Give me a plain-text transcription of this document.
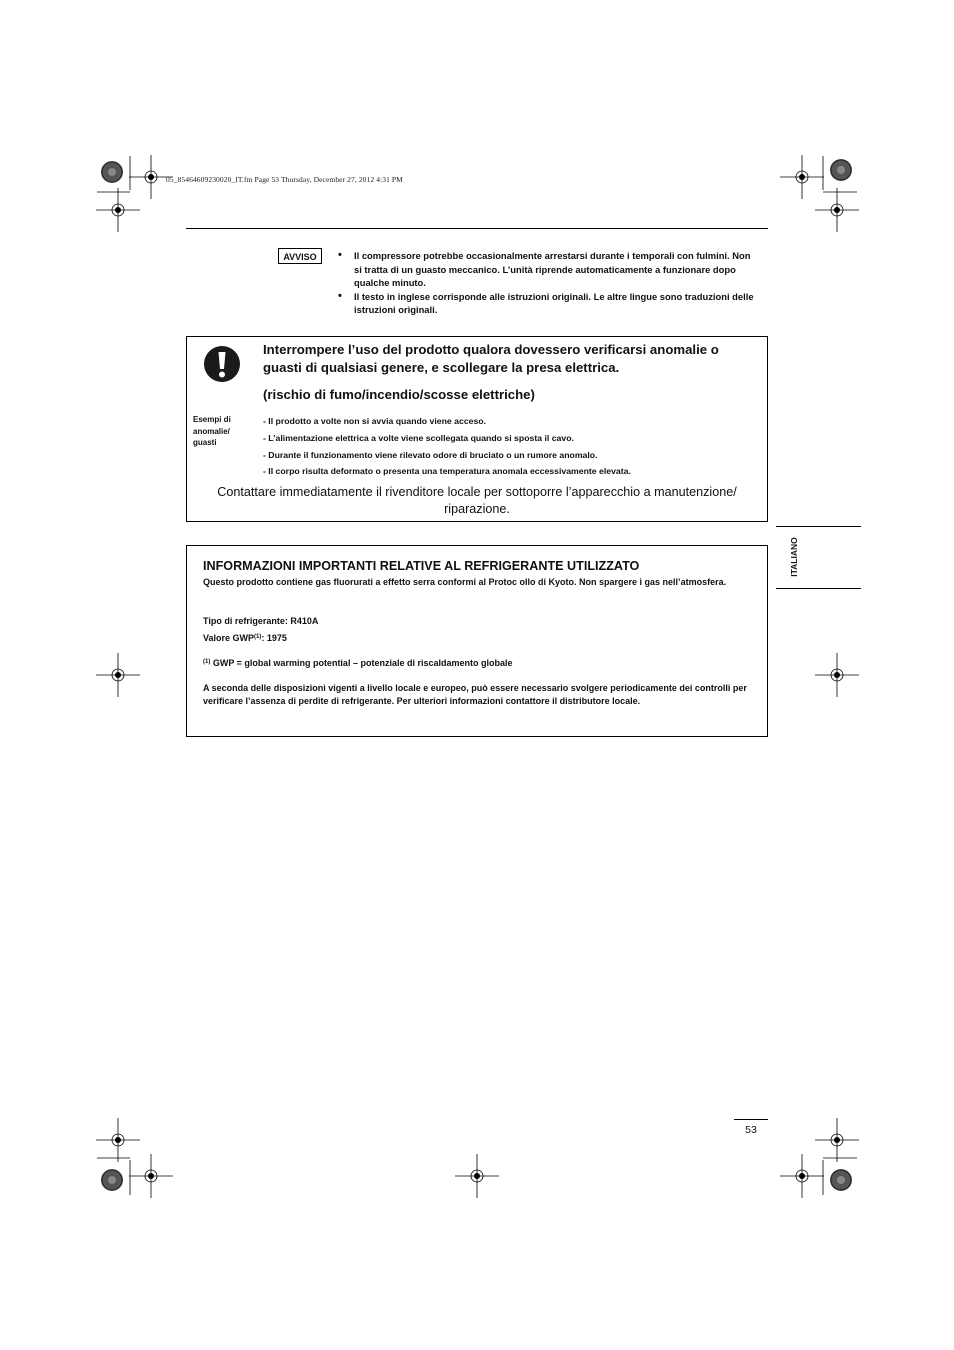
05_85464609230020_IT.fm Page 53 Thursday, December 27, 2012 4:31 PM
AVVISO
•	Il compressore potrebbe occasionalmente arrestarsi durante i temporali con fulmini. Non si tratta di un guasto meccanico. L’unità riprende automaticamente a funzionare dopo qualche minuto.
• Il testo in inglese corrisponde alle istruzioni originali. Le altre lingue sono traduzioni delle istruzioni originali.
Interrompere l’uso del prodotto qualora dovessero verificarsi anomalie o guasti di qualsiasi genere, e scollegare la presa elettrica.
(rischio di fumo/incendio/scosse elettriche)
Esempi di anomalie/ guasti
- Il prodotto a volte non si avvia quando viene acceso.
- L’alimentazione elettrica a volte viene scollegata quando si sposta il cavo.
- Durante il funzionamento viene rilevato odore di bruciato o un rumore anomalo.
- Il corpo risulta deformato o presenta una temperatura anomala eccessivamente elevata.
Contattare immediatamente il rivenditore locale per sottoporre l’apparecchio a manutenzione/ riparazione.
ITALIANO
INFORMAZIONI IMPORTANTI RELATIVE AL REFRIGERANTE UTILIZZATO
Questo prodotto contiene gas fluorurati a effetto serra conformi al Protoc ollo di Kyoto. Non spargere i gas nell’atmosfera.
Tipo di refrigerante: R410A
Valore GWP$^{(1)}$: 1975
$^{(1)}$ GWP = global warming potential – potenziale di riscaldamento globale
A seconda delle disposizioni vigenti a livello locale e europeo, può essere necessario svolgere periodicamente dei controlli per verificare l’assenza di perdite di refrigerante. Per ulteriori informazioni contattore il distributore locale.
53
